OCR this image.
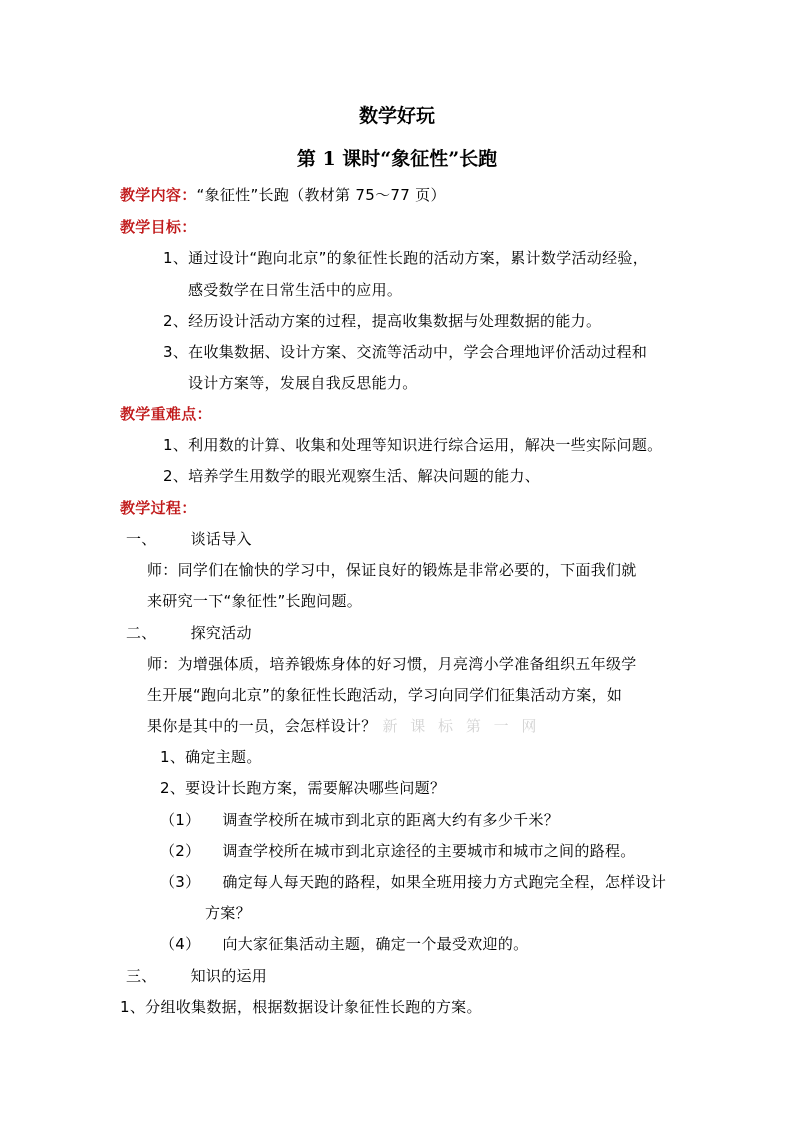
数学好玩
第 1 课时“象征性”长跑
教学内容：“象征性”长跑（教材第 75～77 页）
教学目标：
1、通过设计“跑向北京”的象征性长跑的活动方案，累计数学活动经验，
感受数学在日常生活中的应用。
2、经历设计活动方案的过程，提高收集数据与处理数据的能力。
3、在收集数据、设计方案、交流等活动中，学会合理地评价活动过程和
设计方案等，发展自我反思能力。
教学重难点：
1、利用数的计算、收集和处理等知识进行综合运用，解决一些实际问题。
2、培养学生用数学的眼光观察生活、解决问题的能力、
教学过程：
一、 谈话导入
师：同学们在愉快的学习中，保证良好的锻炼是非常必要的，下面我们就
来研究一下“象征性”长跑问题。
二、 探究活动
师：为增强体质，培养锻炼身体的好习惯，月亮湾小学准备组织五年级学
生开展“跑向北京”的象征性长跑活动，学习向同学们征集活动方案，如
果你是其中的一员，会怎样设计？ 新 课 标 第 一 网
1、确定主题。
2、要设计长跑方案，需要解决哪些问题？
（1） 调查学校所在城市到北京的距离大约有多少千米？
（2） 调查学校所在城市到北京途径的主要城市和城市之间的路程。
（3） 确定每人每天跑的路程，如果全班用接力方式跑完全程，怎样设计
方案？
（4） 向大家征集活动主题，确定一个最受欢迎的。
三、 知识的运用
1、分组收集数据，根据数据设计象征性长跑的方案。
